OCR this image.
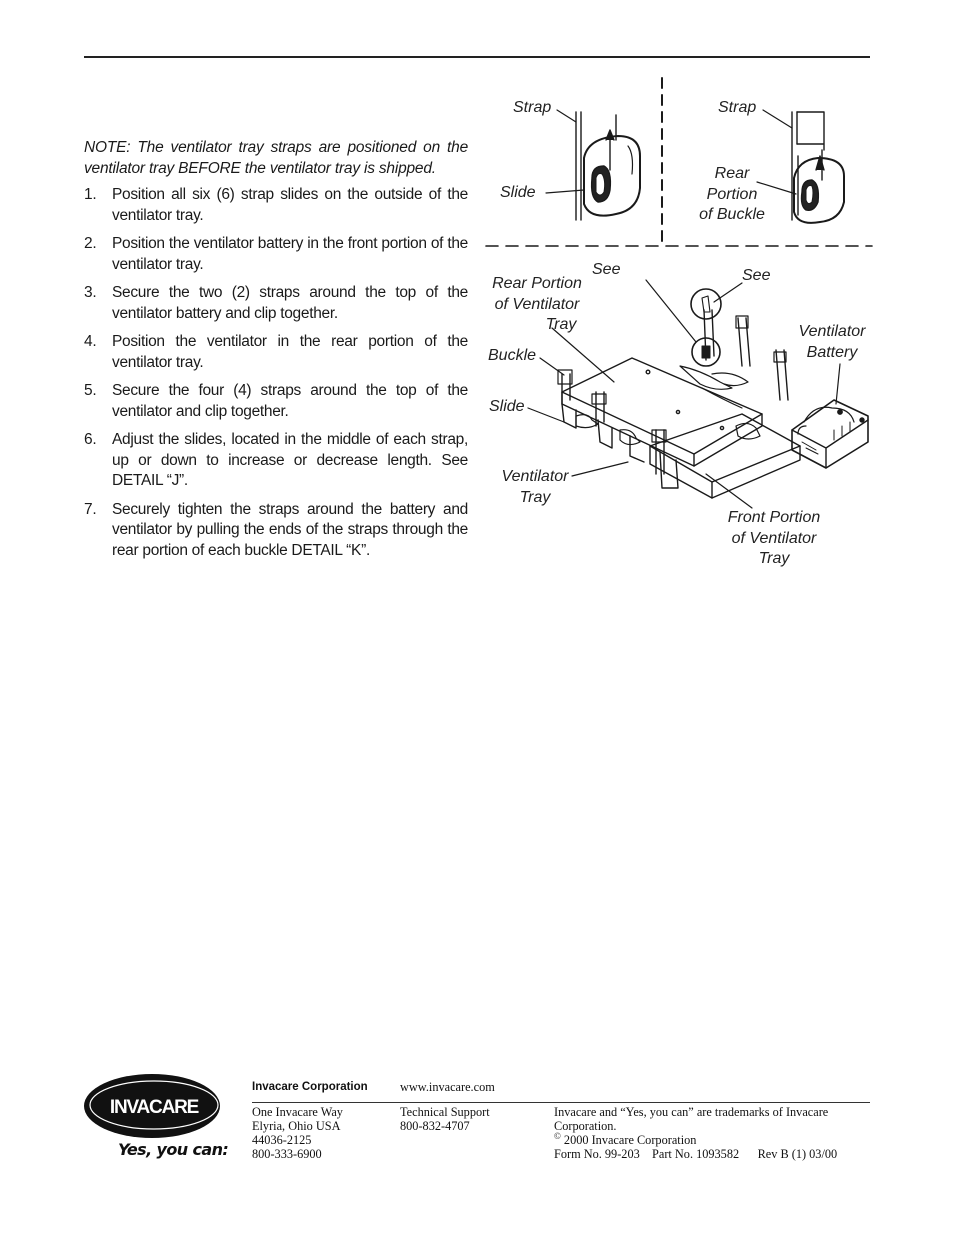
NOTE: The ventilator tray straps are positioned on the ventilator tray BEFORE the ventilator tray is shipped.

1.	Position all six (6) strap slides on the outside of the ventilator tray.
2.	Position the ventilator battery in the front portion of the ventilator tray.
3.	Secure the two (2) straps around the top of the ventilator battery and clip together.
4.	Position the ventilator in the rear portion of the ventilator tray.
5.	Secure the four (4) straps around the top of the ventilator and clip together.
6.	Adjust the slides, located in the middle of each strap, up or down to increase or decrease length. See DETAIL “J”.
7.	Securely tighten the straps around the battery and ventilator by pulling the ends of the straps through the rear portion of each buckle DETAIL “K”.
Strap
Slide
Strap
Rear
Portion
of Buckle
See	See
Rear Portion
of Ventilator
Tray
Buckle
Slide
Ventilator
Tray
Ventilator
Battery
Front Portion
of Ventilator
Tray
INVACARE
Yes, you can:
Invacare Corporation	www.invacare.com
One Invacare Way
Elyria, Ohio USA
44036-2125
800-333-6900
Technical Support
800-832-4707
Invacare and “Yes, you can” are trademarks of Invacare
Corporation.
© 2000 Invacare Corporation
Form No. 99-203    Part No. 1093582      Rev B (1) 03/00
